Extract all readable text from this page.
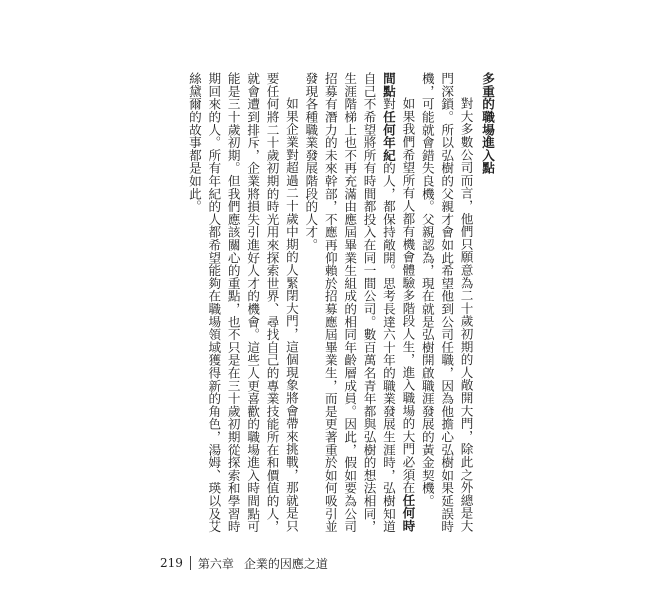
多重的職場進入點

對大多數公司而言，他們只願意為二十歲初期的人敞開大門，除此之外總是大門深鎖。所以弘樹的父親才會如此希望他到公司任職，因為他擔心弘樹如果延誤時機，可能就會錯失良機。父親認為，現在就是弘樹開啟職涯發展的黃金契機。

如果我們希望所有人都有機會體驗多階段人生，進入職場的大門必須在任何時間點對任何年紀的人，都保持敞開。思考長達六十年的職業發展生涯時，弘樹知道自己不希望將所有時間都投入在同一間公司。數百萬名青年都與弘樹的想法相同，生涯階梯上也不再充滿由應屆畢業生組成的相同年齡層成員。因此，假如要為公司招募有潛力的未來幹部，不應再仰賴於招募應屆畢業生，而是更著重於如何吸引並發現各種職業發展階段的人才。

如果企業對超過二十歲中期的人緊閉大門，這個現象將會帶來挑戰，那就是只要任何將二十歲初期的時光用來探索世界、尋找自己的專業技能所在和價值的人，就會遭到排斥，企業將損失引進好人才的機會。這些人更喜歡的職場進入時間點可能是三十歲初期。但我們應該關心的重點，也不只是在三十歲初期從探索和學習時期回來的人。所有年紀的人都希望能夠在職場領域獲得新的角色，湯姆、瑛以及艾絲黛爾的故事都是如此。

219 第六章 企業的因應之道
